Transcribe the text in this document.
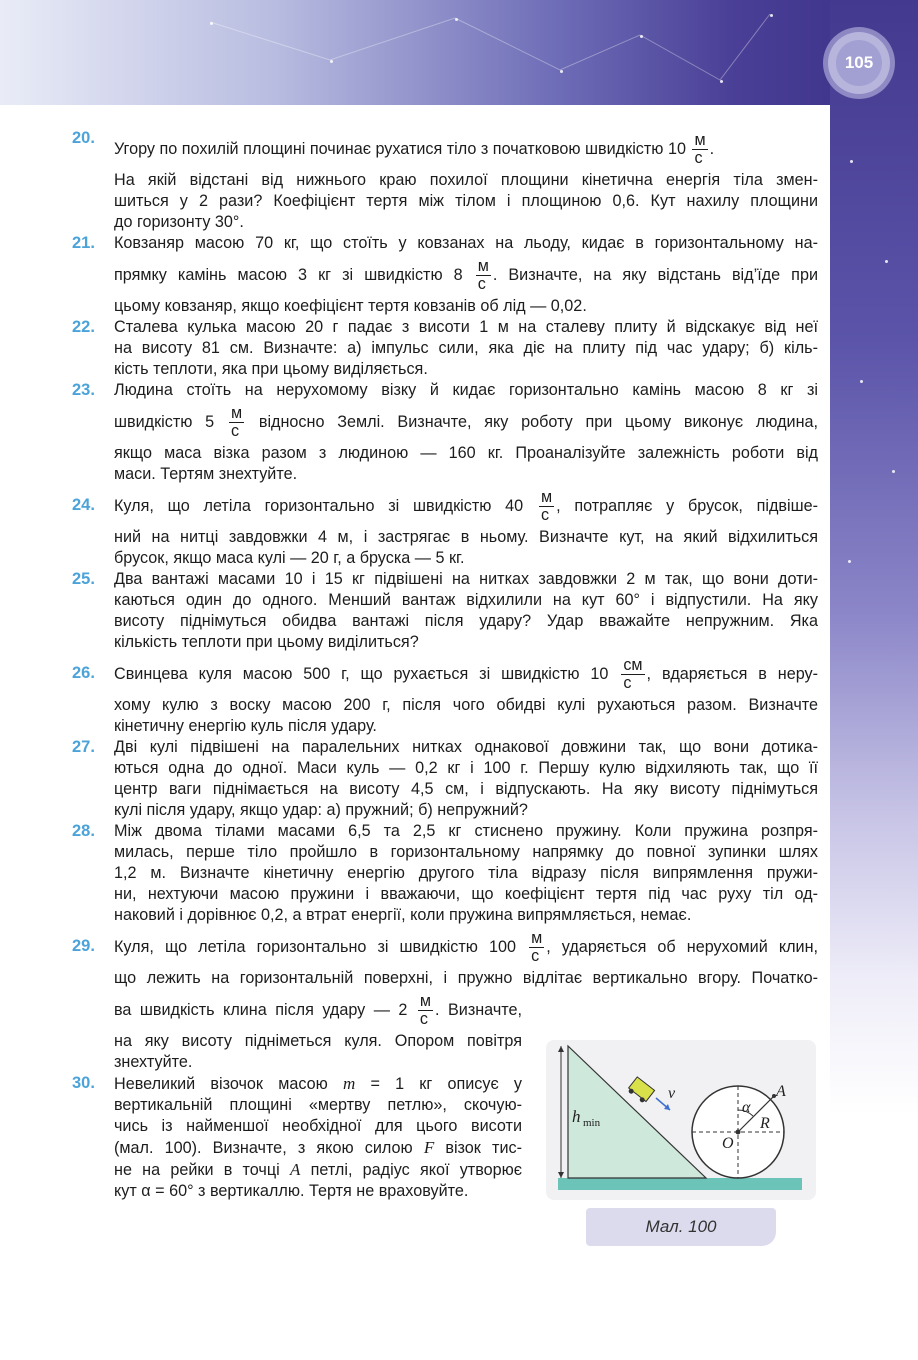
105
20.
Угору по похилій площині починає рухатися тіло з початковою швидкістю $10 \frac{м}{с}$ .
На якій відстані від нижнього краю похилої площини кінетична енергія тіла змен-
шиться у 2 рази? Коефіцієнт тертя між тілом і площиною 0,6. Кут нахилу площини
до горизонту 30°.
21. Ковзаняр масою 70 кг, що стоїть у ковзанах на льоду, кидає в горизонтальному на-
прямку камінь масою 3 кг зі швидкістю $8 \frac{м}{с}$ . Визначте, на яку відстань від’їде при
цьому ковзаняр, якщо коефіцієнт тертя ковзанів об лід — 0,02.
22. Сталева кулька масою 20 г падає з висоти 1 м на сталеву плиту й відскакує від неї
на висоту 81 см. Визначте: а) імпульс сили, яка діє на плиту під час удару; б) кіль-
кість теплоти, яка при цьому виділяється.
23. Людина стоїть на нерухомому візку й кидає горизонтально камінь масою 8 кг зі
швидкістю $5 \frac{м}{с}$ відносно Землі. Визначте, яку роботу при цьому виконує людина,
якщо маса візка разом з людиною — 160 кг. Проаналізуйте залежність роботи від
маси. Тертям знехтуйте.
24. Куля, що летіла горизонтально зі швидкістю $40 \frac{м}{с}$ , потрапляє у брусок, підвіше-
ний на нитці завдовжки 4 м, і застрягає в ньому. Визначте кут, на який відхилиться
брусок, якщо маса кулі — 20 г, а бруска — 5 кг.
25. Два вантажі масами 10 і 15 кг підвішені на нитках завдовжки 2 м так, що вони доти-
каються один до одного. Менший вантаж відхилили на кут 60° і відпустили. На яку
висоту піднімуться обидва вантажі після удару? Удар вважайте непружним. Яка
кількість теплоти при цьому виділиться?
26. Свинцева куля масою 500 г, що рухається зі швидкістю $10 \frac{см}{с}$ , вдаряється в неру-
хому кулю з воску масою 200 г, після чого обидві кулі рухаються разом. Визначте
кінетичну енергію куль після удару.
27. Дві кулі підвішені на паралельних нитках однакової довжини так, що вони дотика-
ються одна до одної. Маси куль — 0,2 кг і 100 г. Першу кулю відхиляють так, що її
центр ваги піднімається на висоту 4,5 см, і відпускають. На яку висоту піднімуться
кулі після удару, якщо удар: а) пружний; б) непружний?
28. Між двома тілами масами 6,5 та 2,5 кг стиснено пружину. Коли пружина розпря-
милась, перше тіло пройшло в горизонтальному напрямку до повної зупинки шлях
1,2 м. Визначте кінетичну енергію другого тіла відразу після випрямлення пружи-
ни, нехтуючи масою пружини і вважаючи, що коефіцієнт тертя під час руху тіл од-
наковий і дорівнює 0,2, а втрат енергії, коли пружина випрямляється, немає.
29. Куля, що летіла горизонтально зі швидкістю $100 \frac{м}{с}$ , ударяється об нерухомий клин,
що лежить на горизонтальній поверхні, і пружно відлітає вертикально вгору. Початко-
ва швидкість клина після удару — $2 \frac{м}{с}$ . Визначте,
на яку висоту підніметься куля. Опором повітря
знехтуйте.
30. Невеликий візочок масою m = 1 кг описує у
вертикальній площині «мертву петлю», скочую-
чись із найменшої необхідної для цього висоти
(мал. 100). Визначте, з якою силою F візок тис-
не на рейки в точці A петлі, радіус якої утворює
кут α = 60° з вертикаллю. Тертя не враховуйте.
h min
v
α
A
R
O
Мал. 100
